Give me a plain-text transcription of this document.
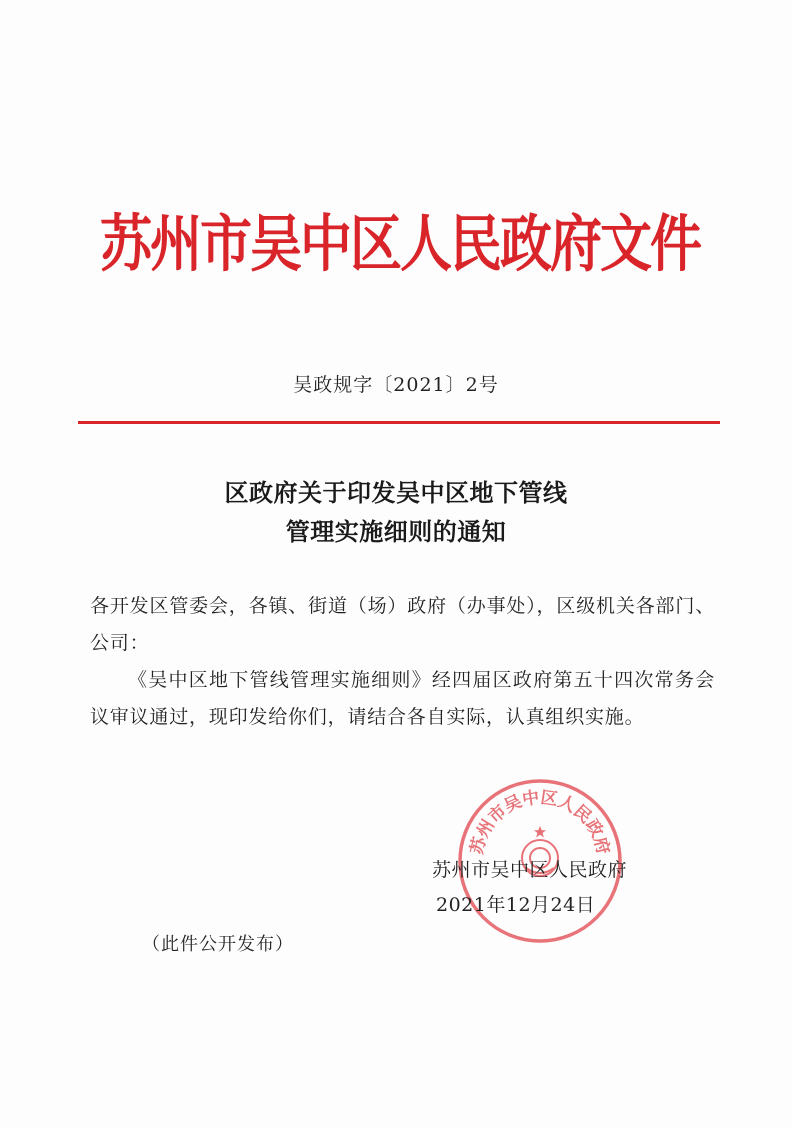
苏州市吴中区人民政府文件
吴政规字〔2021〕2号
区政府关于印发吴中区地下管线
管理实施细则的通知

各开发区管委会，各镇、街道（场）政府（办事处），区级机关各部门、公司：

《吴中区地下管线管理实施细则》经四届区政府第五十四次常务会议审议通过，现印发给你们，请结合各自实际，认真组织实施。

苏州市吴中区人民政府
苏州市吴中区人民政府
2021年12月24日
（此件公开发布）
